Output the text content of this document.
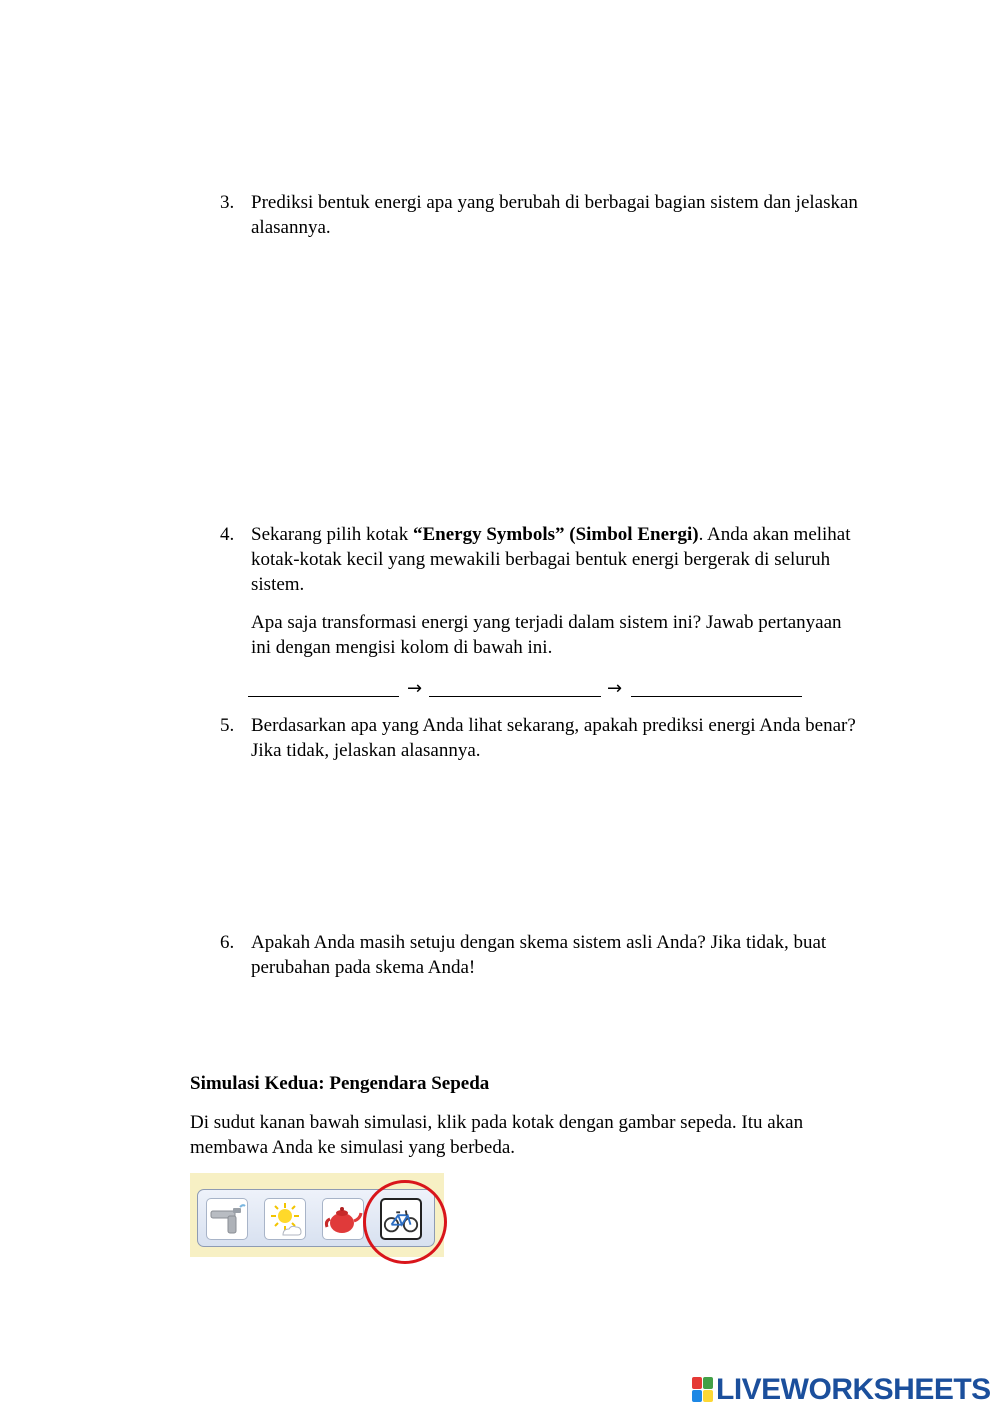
3. Prediksi bentuk energi apa yang berubah di berbagai bagian sistem dan jelaskan alasannya.

4. Sekarang pilih kotak “Energy Symbols” (Simbol Energi). Anda akan melihat kotak-kotak kecil yang mewakili berbagai bentuk energi bergerak di seluruh sistem.

Apa saja transformasi energi yang terjadi dalam sistem ini? Jawab pertanyaan ini dengan mengisi kolom di bawah ini.

→	→
5. Berdasarkan apa yang Anda lihat sekarang, apakah prediksi energi Anda benar? Jika tidak, jelaskan alasannya.

6. Apakah Anda masih setuju dengan skema sistem asli Anda? Jika tidak, buat perubahan pada skema Anda!

Simulasi Kedua: Pengendara Sepeda

Di sudut kanan bawah simulasi, klik pada kotak dengan gambar sepeda. Itu akan membawa Anda ke simulasi yang berbeda.

LIVEWORKSHEETS
